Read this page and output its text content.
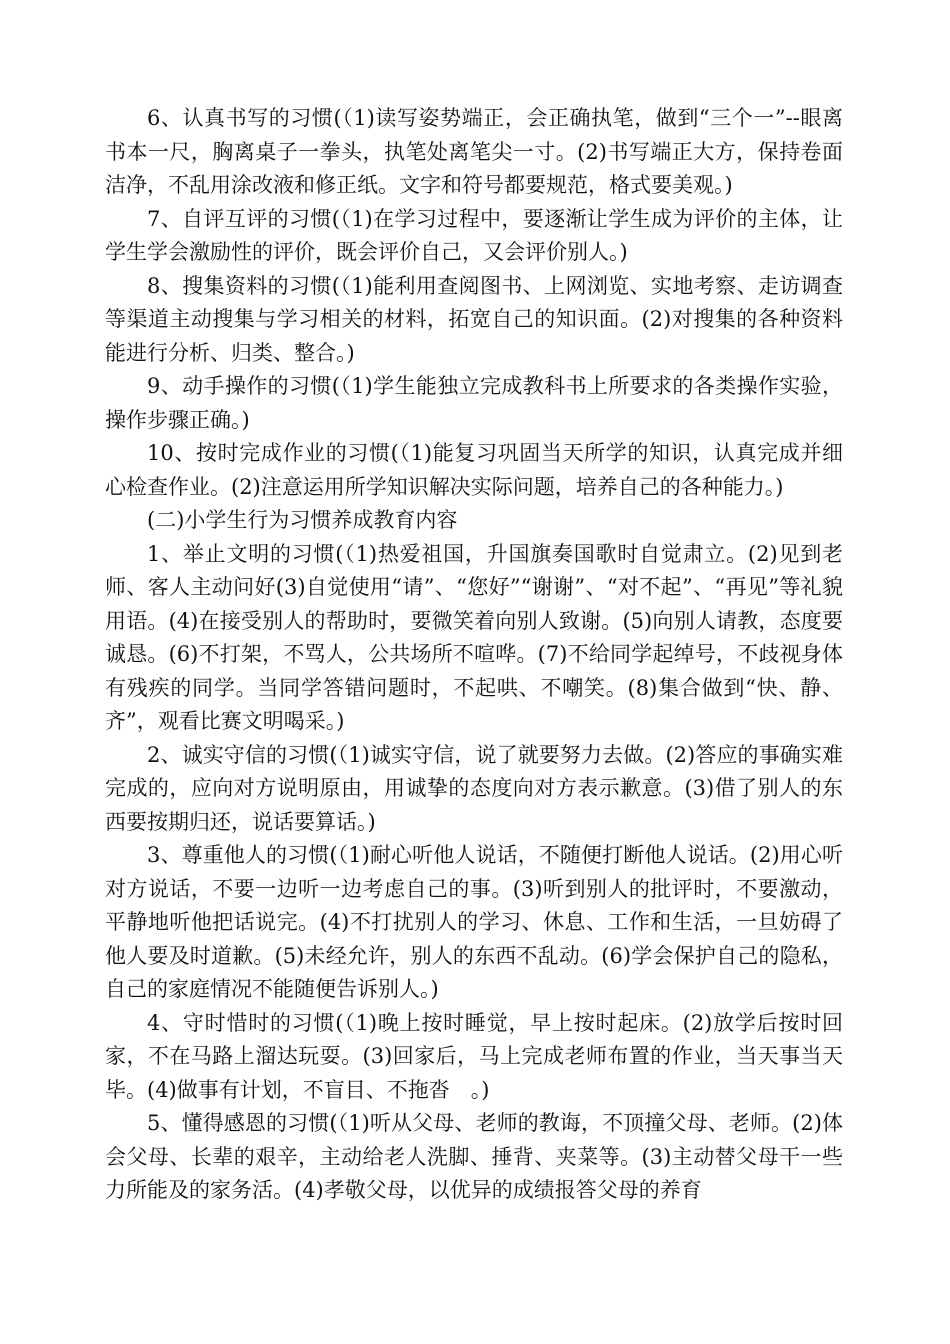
6、认真书写的习惯(（1)读写姿势端正，会正确执笔，做到“三个一”--眼离书本一尺，胸离桌子一拳头，执笔处离笔尖一寸。(2)书写端正大方，保持卷面洁净，不乱用涂改液和修正纸。文字和符号都要规范，格式要美观。)

7、自评互评的习惯(（1)在学习过程中，要逐渐让学生成为评价的主体，让学生学会激励性的评价，既会评价自己，又会评价别人。)

8、搜集资料的习惯(（1)能利用查阅图书、上网浏览、实地考察、走访调查等渠道主动搜集与学习相关的材料，拓宽自己的知识面。(2)对搜集的各种资料能进行分析、归类、整合。)

9、动手操作的习惯(（1)学生能独立完成教科书上所要求的各类操作实验，操作步骤正确。)

10、按时完成作业的习惯(（1)能复习巩固当天所学的知识，认真完成并细心检查作业。(2)注意运用所学知识解决实际问题，培养自己的各种能力。)

(二)小学生行为习惯养成教育内容

1、举止文明的习惯(（1)热爱祖国，升国旗奏国歌时自觉肃立。(2)见到老师、客人主动问好(3)自觉使用“请”、“您好”“谢谢”、“对不起”、“再见”等礼貌用语。(4)在接受别人的帮助时，要微笑着向别人致谢。(5)向别人请教，态度要诚恳。(6)不打架，不骂人，公共场所不喧哗。(7)不给同学起绰号，不歧视身体有残疾的同学。当同学答错问题时，不起哄、不嘲笑。(8)集合做到“快、静、齐”，观看比赛文明喝采。)

2、诚实守信的习惯(（1)诚实守信，说了就要努力去做。(2)答应的事确实难完成的，应向对方说明原由，用诚挚的态度向对方表示歉意。(3)借了别人的东西要按期归还，说话要算话。)

3、尊重他人的习惯(（1)耐心听他人说话，不随便打断他人说话。(2)用心听对方说话，不要一边听一边考虑自己的事。(3)听到别人的批评时，不要激动，平静地听他把话说完。(4)不打扰别人的学习、休息、工作和生活，一旦妨碍了他人要及时道歉。(5)未经允许，别人的东西不乱动。(6)学会保护自己的隐私，自己的家庭情况不能随便告诉别人。)

4、守时惜时的习惯(（1)晚上按时睡觉，早上按时起床。(2)放学后按时回家，不在马路上溜达玩耍。(3)回家后，马上完成老师布置的作业，当天事当天毕。(4)做事有计划，不盲目、不拖沓　。)

5、懂得感恩的习惯(（1)听从父母、老师的教诲，不顶撞父母、老师。(2)体会父母、长辈的艰辛，主动给老人洗脚、捶背、夹菜等。(3)主动替父母干一些力所能及的家务活。(4)孝敬父母，以优异的成绩报答父母的养育
